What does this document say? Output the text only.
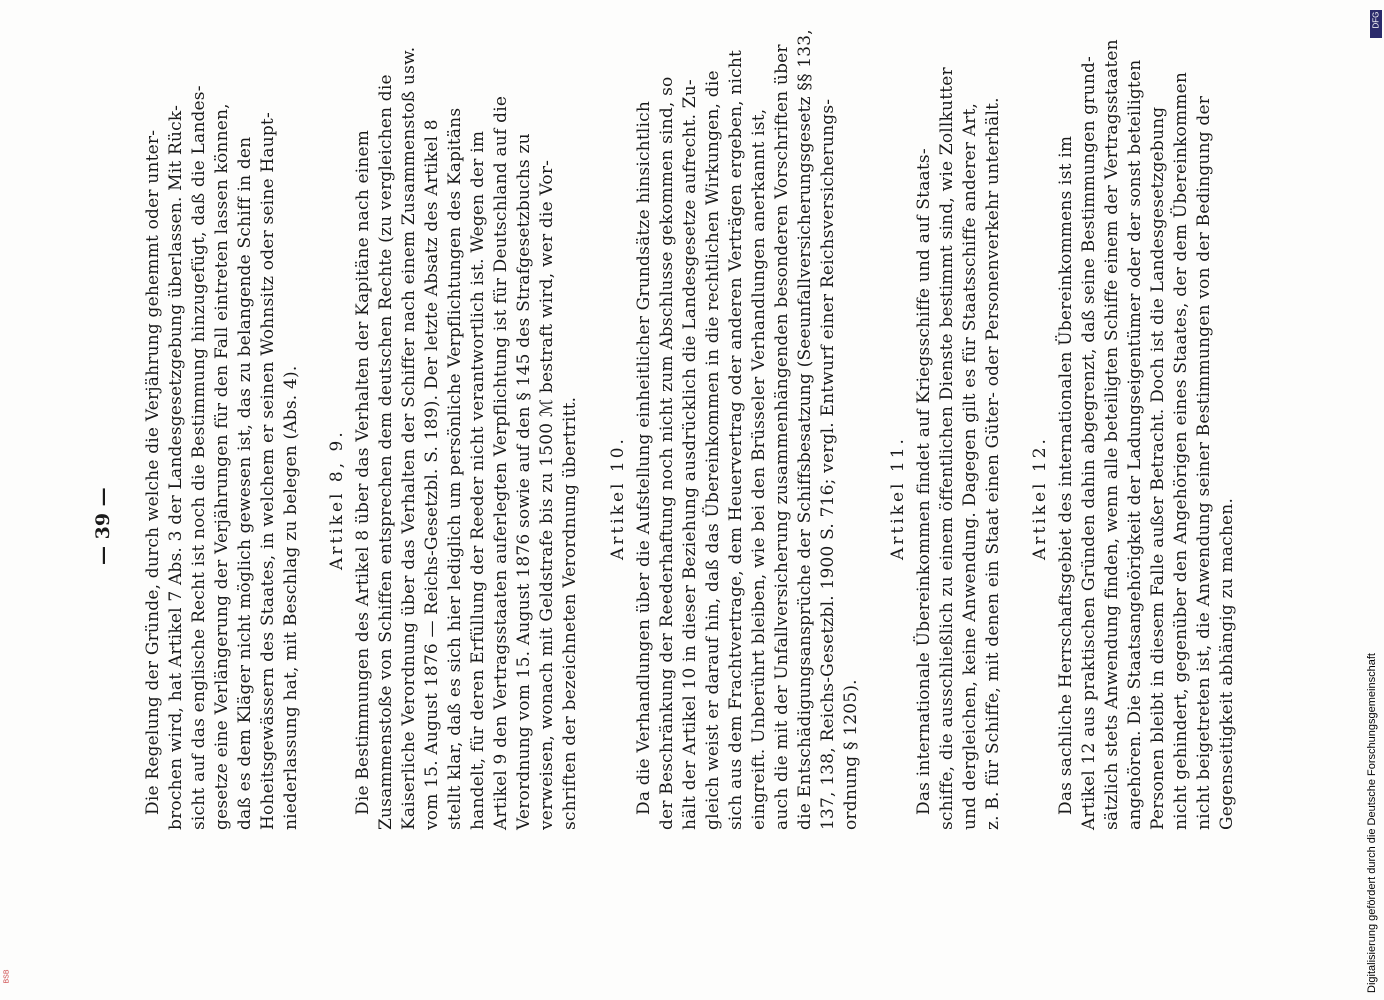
— 39 — Die Regelung der Gründe, durch welche die Verjährung gehemmt oder unter- brochen wird, hat Artikel 7 Abs. 3 der Landesgesetzgebung überlassen. Mit Rück- sicht auf das englische Recht ist noch die Bestimmung hinzugefügt, daß die Landes- gesetze eine Verlängerung der Verjährungen für den Fall eintreten lassen können, daß es dem Kläger nicht möglich gewesen ist, das zu belangende Schiff in den Hoheitsgewässern des Staates, in welchem er seinen Wohnsitz oder seine Haupt- niederlassung hat, mit Beschlag zu belegen (Abs. 4). Artikel 8, 9. Die Bestimmungen des Artikel 8 über das Verhalten der Kapitäne nach einem Zusammenstoße von Schiffen entsprechen dem deutschen Rechte (zu vergleichen die Kaiserliche Verordnung über das Verhalten der Schiffer nach einem Zusammenstoß usw. vom 15. August 1876 — Reichs-Gesetzbl. S. 189). Der letzte Absatz des Artikel 8 stellt klar, daß es sich hier lediglich um persönliche Verpflichtungen des Kapitäns handelt, für deren Erfüllung der Reeder nicht verantwortlich ist. Wegen der im Artikel 9 den Vertragsstaaten auferlegten Verpflichtung ist für Deutschland auf die Verordnung vom 15. August 1876 sowie auf den § 145 des Strafgesetzbuchs zu verweisen, wonach mit Geldstrafe bis zu 1500 ℳ bestraft wird, wer die Vor- schriften der bezeichneten Verordnung übertritt. Artikel 10. Da die Verhandlungen über die Aufstellung einheitlicher Grundsätze hinsichtlich der Beschränkung der Reederhaftung noch nicht zum Abschlusse gekommen sind, so hält der Artikel 10 in dieser Beziehung ausdrücklich die Landesgesetze aufrecht. Zu- gleich weist er darauf hin, daß das Übereinkommen in die rechtlichen Wirkungen, die sich aus dem Frachtvertrage, dem Heuervertrag oder anderen Verträgen ergeben, nicht eingreift. Unberührt bleiben, wie bei den Brüsseler Verhandlungen anerkannt ist, auch die mit der Unfallversicherung zusammenhängenden besonderen Vorschriften über die Entschädigungsansprüche der Schiffsbesatzung (Seeunfallversicherungsgesetz §§ 133, 137, 138, Reichs-Gesetzbl. 1900 S. 716; vergl. Entwurf einer Reichsversicherungs- ordnung § 1205).
Artikel 11. Das internationale Übereinkommen findet auf Kriegsschiffe und auf Staats- schiffe, die ausschließlich zu einem öffentlichen Dienste bestimmt sind, wie Zollkutter und dergleichen, keine Anwendung. Dagegen gilt es für Staatsschiffe anderer Art, z. B. für Schiffe, mit denen ein Staat einen Güter- oder Personenverkehr unterhält. Artikel 12. Das sachliche Herrschaftsgebiet des internationalen Übereinkommens ist im Artikel 12 aus praktischen Gründen dahin abgegrenzt, daß seine Bestimmungen grund- sätzlich stets Anwendung finden, wenn alle beteiligten Schiffe einem der Vertragsstaaten angehören. Die Staatsangehörigkeit der Ladungseigentümer oder der sonst beteiligten Personen bleibt in diesem Falle außer Betracht. Doch ist die Landesgesetzgebung nicht gehindert, gegenüber den Angehörigen eines Staates, der dem Übereinkommen nicht beigetreten ist, die Anwendung seiner Bestimmungen von der Bedingung der Gegenseitigkeit abhängig zu machen.
DFG
Digitalisierung gefördert durch die Deutsche Forschungsgemeinschaft
BSB
